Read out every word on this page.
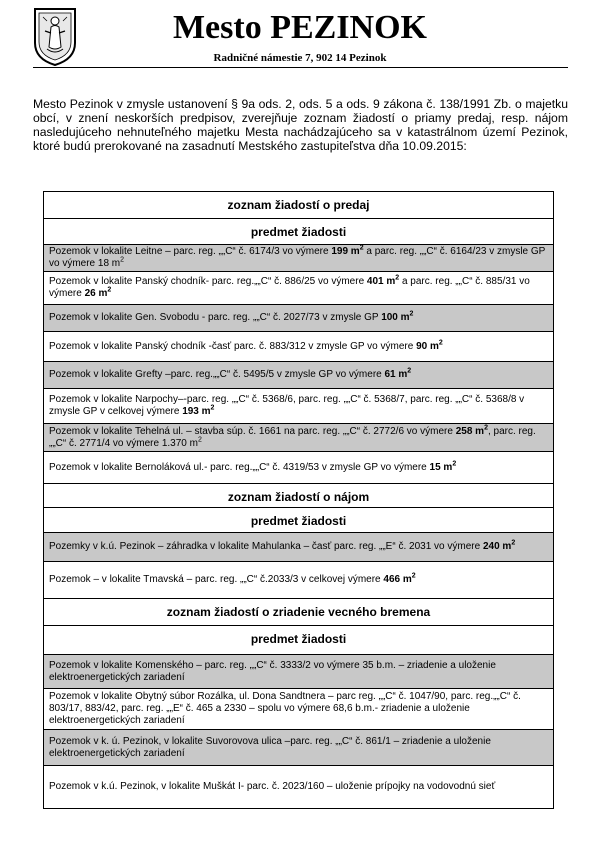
Mesto PEZINOK
Radničné námestie 7, 902 14 Pezinok
Mesto Pezinok v zmysle ustanovení § 9a ods. 2, ods. 5 a ods. 9 zákona č. 138/1991 Zb. o majetku obcí, v znení neskorších predpisov, zverejňuje zoznam žiadostí o priamy predaj, resp. nájom nasledujúceho nehnuteľného majetku Mesta nachádzajúceho sa v katastrálnom území Pezinok, ktoré budú prerokované na zasadnutí Mestského zastupiteľstva dňa 10.09.2015:
zoznam žiadostí o predaj
predmet žiadosti
Pozemok v lokalite Leitne – parc. reg. „„C“ č. 6174/3 vo výmere 199 $m^2$ a parc. reg. „„C“ č. 6164/23 v zmysle GP vo výmere 18 $m^2$
Pozemok v lokalite Panský chodník- parc. reg.„„C“ č. 886/25 vo výmere 401 $m^2$ a parc. reg. „„C“ č. 885/31 vo výmere 26 $m^2$
Pozemok v lokalite Gen. Svobodu - parc. reg. „„C“ č. 2027/73 v zmysle GP 100 $m^2$
Pozemok v lokalite Panský chodník -časť parc. č. 883/312 v zmysle GP vo výmere 90 $m^2$
Pozemok v lokalite Grefty –parc. reg.„„C“ č. 5495/5 v zmysle GP vo výmere 61 $m^2$
Pozemok v lokalite Narpochy–-parc. reg. „„C“ č. 5368/6, parc. reg. „„C“ č. 5368/7, parc. reg. „„C“ č. 5368/8 v zmysle GP v celkovej výmere 193 $m^2$
Pozemok v lokalite Tehelná ul. – stavba súp. č. 1661 na parc. reg. „„C“ č. 2772/6 vo výmere 258 $m^2$, parc. reg. „„C“ č. 2771/4 vo výmere 1.370 $m^2$
Pozemok v lokalite Bernoláková ul.- parc. reg.„„C“ č. 4319/53 v zmysle GP vo výmere 15 $m^2$
zoznam žiadostí o nájom
predmet žiadosti
Pozemky v k.ú. Pezinok – záhradka v lokalite Mahulanka – časť parc. reg. „„E“ č. 2031 vo výmere 240 $m^2$
Pozemok – v lokalite Tmavská – parc. reg. „„C“ č.2033/3 v celkovej výmere 466 $m^2$
zoznam žiadostí o zriadenie vecného bremena
predmet žiadosti
Pozemok v lokalite Komenského – parc. reg. „„C“ č. 3333/2 vo výmere 35 b.m. – zriadenie a uloženie elektroenergetických zariadení
Pozemok v lokalite Obytný súbor Rozálka, ul. Dona Sandtnera – parc reg. „„C“ č. 1047/90, parc. reg.„„C“ č. 803/17, 883/42, parc. reg. „„E“ č. 465 a 2330 – spolu vo výmere 68,6 b.m.- zriadenie a uloženie elektroenergetických zariadení
Pozemok v k. ú. Pezinok, v lokalite Suvorovova ulica –parc. reg. „„C“ č. 861/1 – zriadenie a uloženie elektroenergetických zariadení
Pozemok v k.ú. Pezinok, v lokalite Muškát I- parc. č. 2023/160 – uloženie prípojky na vodovodnú sieť
